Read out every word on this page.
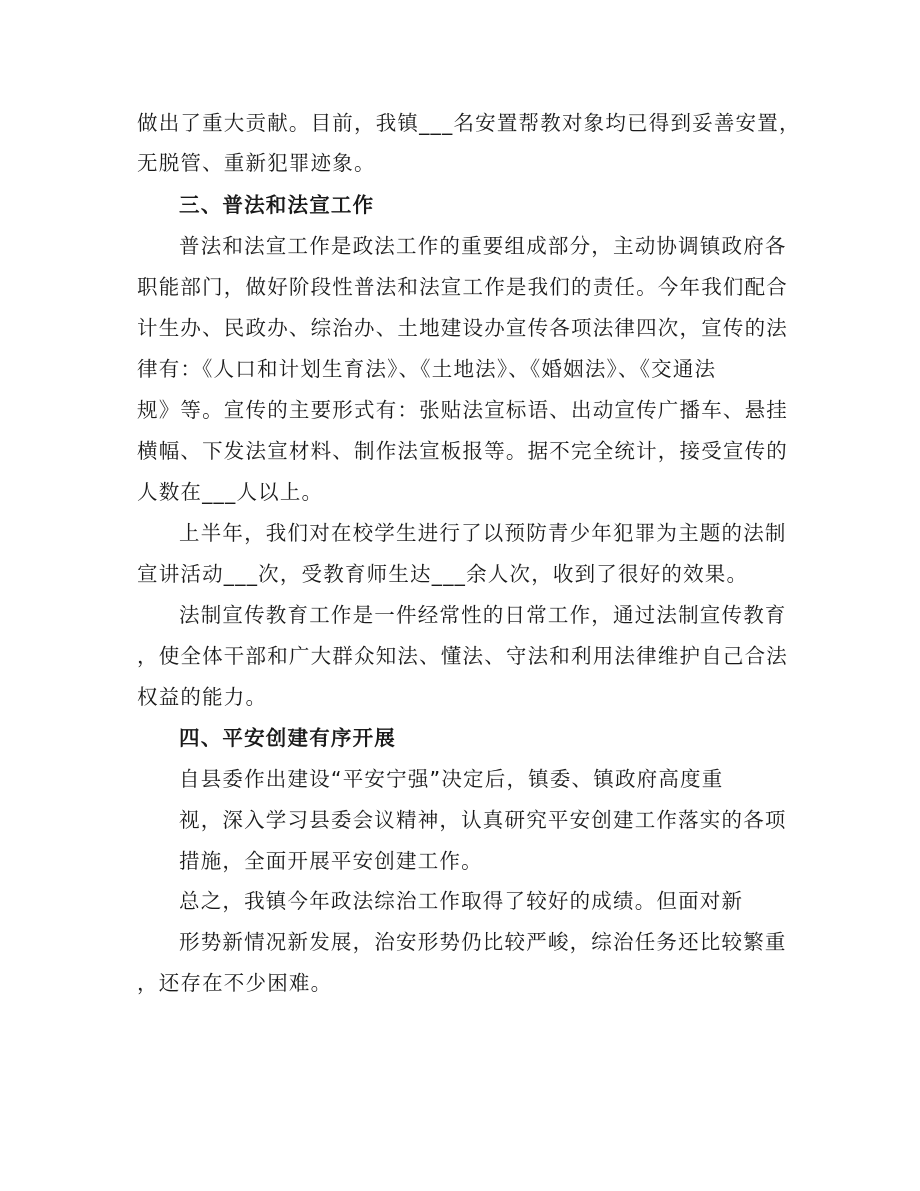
做出了重大贡献。目前，我镇___名安置帮教对象均已得到妥善安置，
无脱管、重新犯罪迹象。
三、普法和法宣工作
普法和法宣工作是政法工作的重要组成部分，主动协调镇政府各
职能部门，做好阶段性普法和法宣工作是我们的责任。今年我们配合
计生办、民政办、综治办、土地建设办宣传各项法律四次，宣传的法
律有：《人口和计划生育法》、《土地法》、《婚姻法》、《交通法
规》等。宣传的主要形式有：张贴法宣标语、出动宣传广播车、悬挂
横幅、下发法宣材料、制作法宣板报等。据不完全统计，接受宣传的
人数在___人以上。
上半年，我们对在校学生进行了以预防青少年犯罪为主题的法制
宣讲活动___次，受教育师生达___余人次，收到了很好的效果。
法制宣传教育工作是一件经常性的日常工作，通过法制宣传教育
，使全体干部和广大群众知法、懂法、守法和利用法律维护自己合法
权益的能力。
四、平安创建有序开展
自县委作出建设“平安宁强”决定后，镇委、镇政府高度重
视，深入学习县委会议精神，认真研究平安创建工作落实的各项
措施，全面开展平安创建工作。
总之，我镇今年政法综治工作取得了较好的成绩。但面对新
形势新情况新发展，治安形势仍比较严峻，综治任务还比较繁重
，还存在不少困难。
